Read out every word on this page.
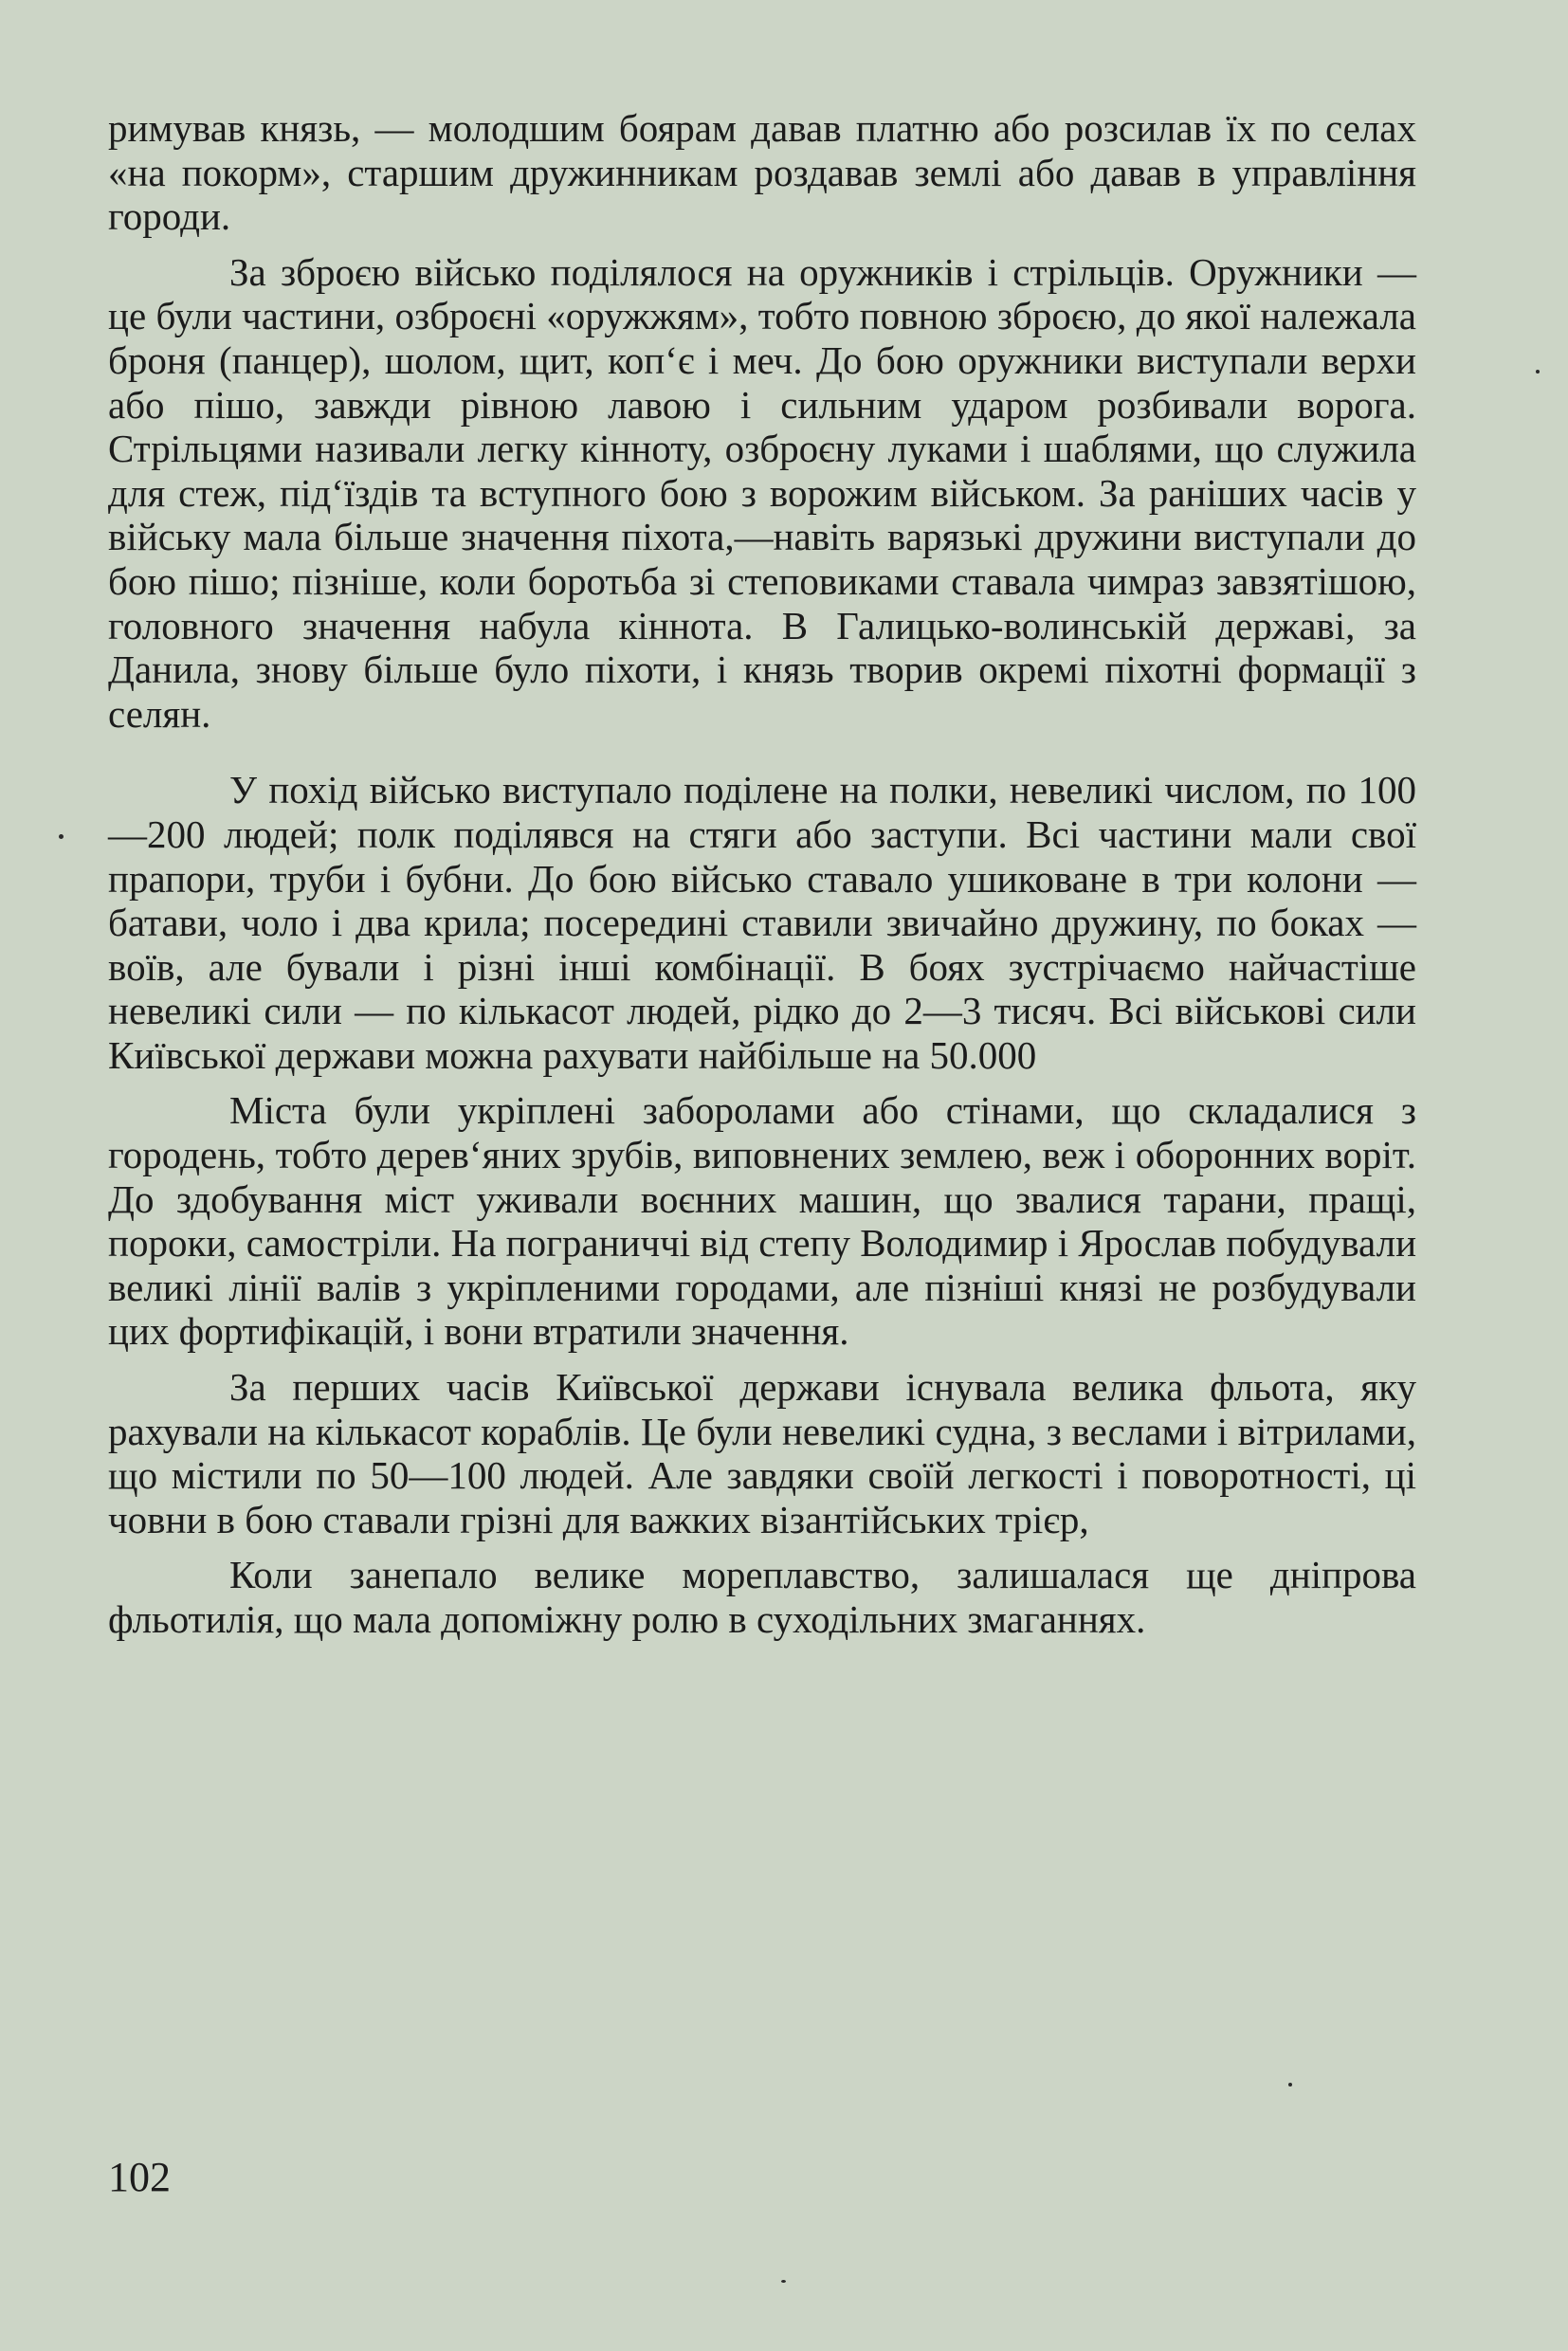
римував князь, — молодшим боярам давав платню або розсилав їх по селах «на покорм», старшим дружинникам роздавав землі або давав в управління городи.

За зброєю військо поділялося на оружників і стрільців. Оружники — це були частини, озброєні «оружжям», тобто повною зброєю, до якої належала броня (панцер), шолом, щит, коп‘є і меч. До бою оружники виступали верхи або пішо, завжди рівною лавою і сильним ударом розбивали ворога. Стрільцями називали легку кінноту, озброєну луками і шаблями, що служила для стеж, під‘їздів та вступного бою з ворожим військом. За раніших часів у війську мала більше значення піхота,—навіть варязькі дружини виступали до бою пішо; пізніше, коли боротьба зі степовиками ставала чимраз завзятішою, головного значення набула кіннота. В Галицько-волинській державі, за Данила, знову більше було піхоти, і князь творив окремі піхотні формації з селян.

У похід військо виступало поділене на полки, невеликі числом, по 100—200 людей; полк поділявся на стяги або заступи. Всі частини мали свої прапори, труби і бубни. До бою військо ставало ушиковане в три колони — батави, чоло і два крила; посередині ставили звичайно дружину, по боках — воїв, але бували і різні інші комбінації. В боях зустрічаємо найчастіше невеликі сили — по кількасот людей, рідко до 2—3 тисяч. Всі військові сили Київської держави можна рахувати найбільше на 50.000

Міста були укріплені заборолами або стінами, що складалися з городень, тобто дерев‘яних зрубів, виповнених землею, веж і оборонних воріт. До здобування міст уживали воєнних машин, що звалися тарани, пращі, пороки, самостріли. На пограниччі від степу Володимир і Ярослав побудували великі лінії валів з укріпленими городами, але пізніші князі не розбудували цих фортифікацій, і вони втратили значення.

За перших часів Київської держави існувала велика фльота, яку рахували на кількасот кораблів. Це були невеликі судна, з веслами і вітрилами, що містили по 50—100 людей. Але завдяки своїй легкості і поворотності, ці човни в бою ставали грізні для важких візантійських трієр,

Коли занепало велике мореплавство, залишалася ще дніпрова фльотилія, що мала допоміжну ролю в суходільних змаганнях.

102
